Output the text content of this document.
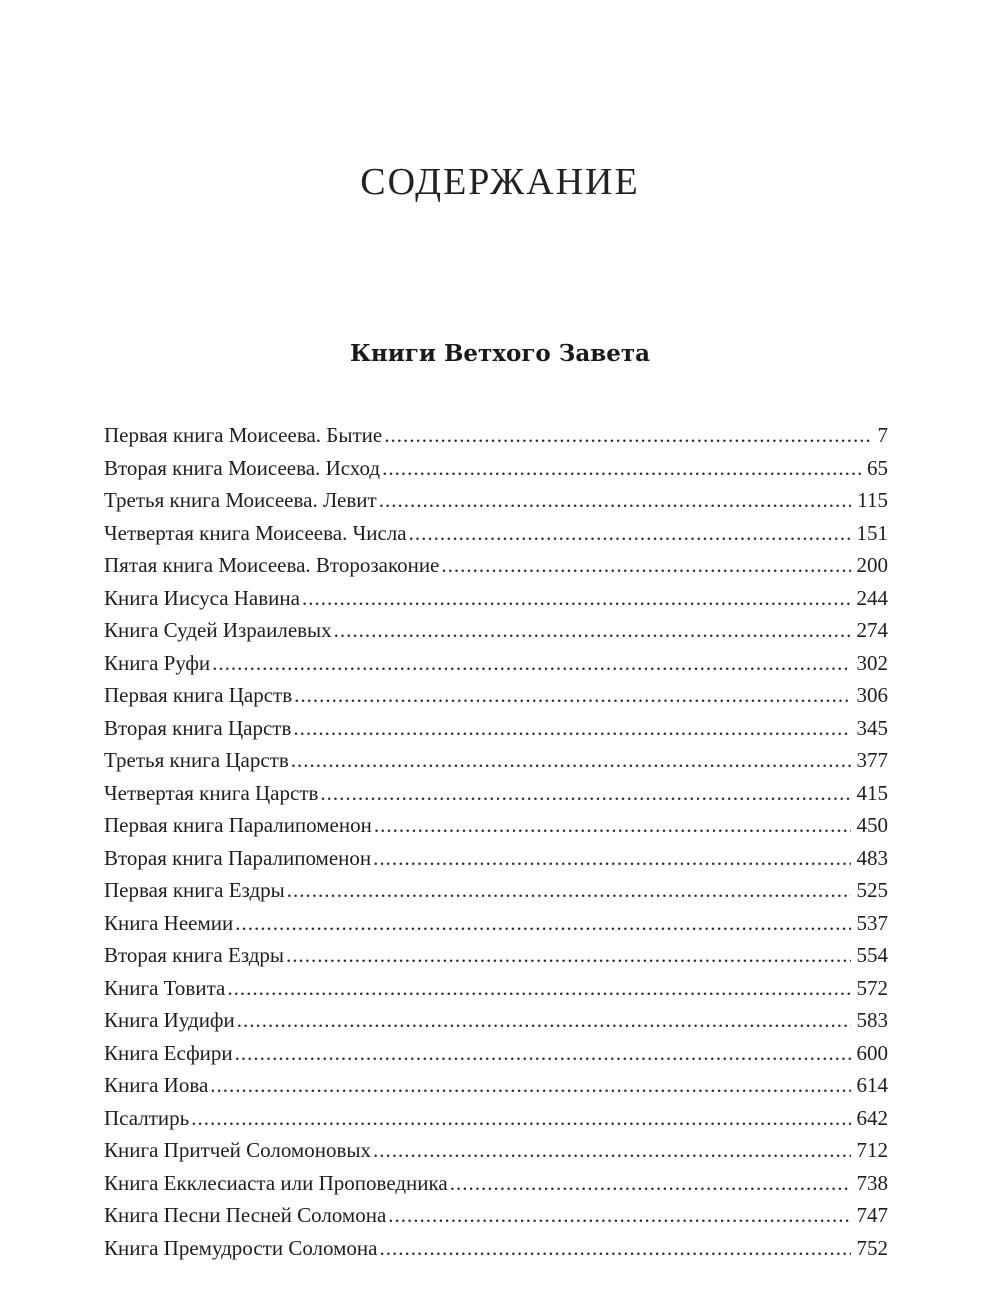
СОДЕРЖАНИЕ
Книги Ветхого Завета
Первая книга Моисеева. Бытие .....	7
Вторая книга Моисеева. Исход .....	65
Третья книга Моисеева. Левит .....	115
Четвертая книга Моисеева. Числа .....	151
Пятая книга Моисеева. Второзаконие .....	200
Книга Иисуса Навина .....	244
Книга Судей Израилевых .....	274
Книга Руфи .....	302
Первая книга Царств .....	306
Вторая книга Царств .....	345
Третья книга Царств .....	377
Четвертая книга Царств .....	415
Первая книга Паралипоменон .....	450
Вторая книга Паралипоменон .....	483
Первая книга Ездры .....	525
Книга Неемии .....	537
Вторая книга Ездры .....	554
Книга Товита .....	572
Книга Иудифи .....	583
Книга Есфири .....	600
Книга Иова .....	614
Псалтирь .....	642
Книга Притчей Соломоновых .....	712
Книга Екклесиаста или Проповедника .....	738
Книга Песни Песней Соломона .....	747
Книга Премудрости Соломона .....	752
